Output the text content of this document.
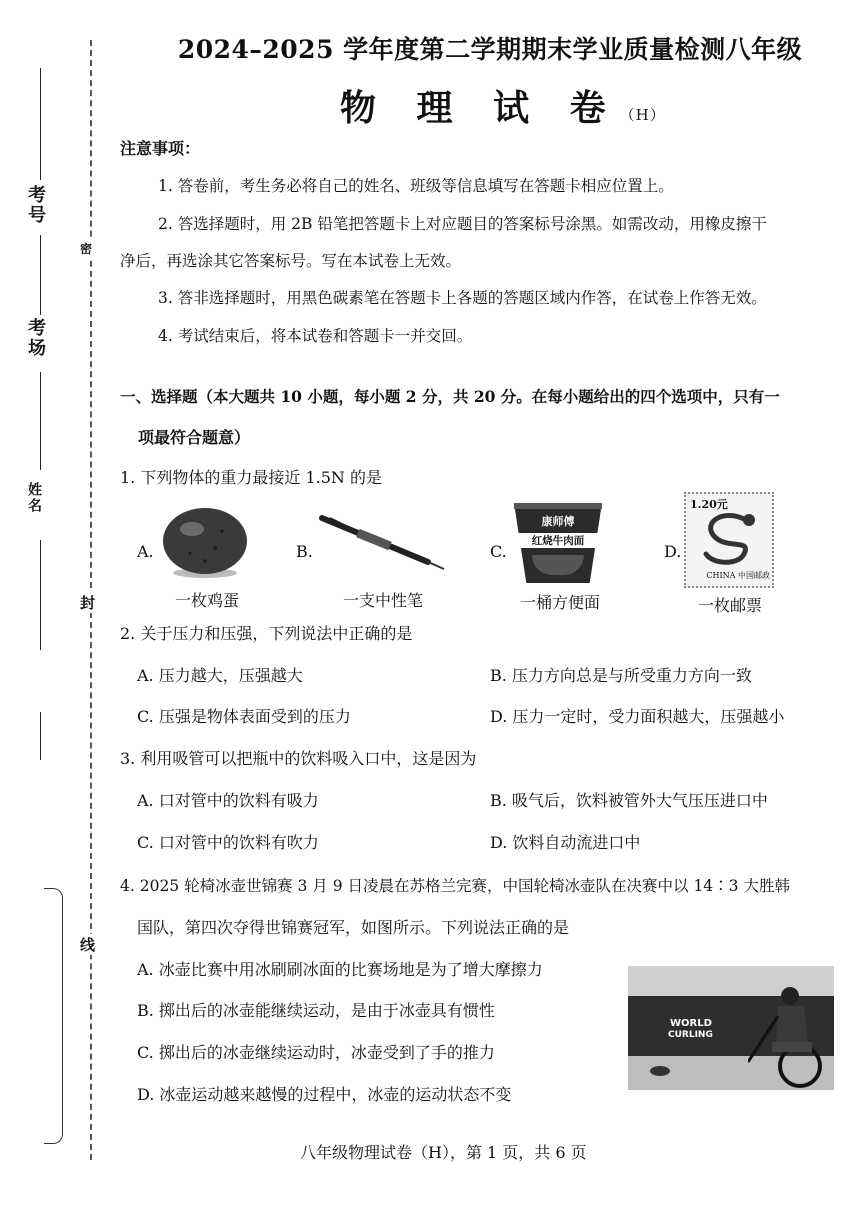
考号
考场
姓名
密
封
线
2024–2025 学年度第二学期期末学业质量检测八年级
物 理 试 卷（H）
注意事项：
1. 答卷前，考生务必将自己的姓名、班级等信息填写在答题卡相应位置上。
2. 答选择题时，用 2B 铅笔把答题卡上对应题目的答案标号涂黑。如需改动，用橡皮擦干
净后，再选涂其它答案标号。写在本试卷上无效。
3. 答非选择题时，用黑色碳素笔在答题卡上各题的答题区域内作答，在试卷上作答无效。
4. 考试结束后，将本试卷和答题卡一并交回。
一、选择题（本大题共 10 小题，每小题 2 分，共 20 分。在每小题给出的四个选项中，只有一
项最符合题意）
1. 下列物体的重力最接近 1.5N 的是
A.
一枚鸡蛋
B.
一支中性笔
C.
康师傅
红烧牛肉面
一桶方便面
D.
1.20元
CHINA 中国邮政
一枚邮票
2. 关于压力和压强，下列说法中正确的是
A. 压力越大，压强越大	B. 压力方向总是与所受重力方向一致
C. 压强是物体表面受到的压力	D. 压力一定时，受力面积越大，压强越小
3. 利用吸管可以把瓶中的饮料吸入口中，这是因为
A. 口对管中的饮料有吸力	B. 吸气后，饮料被管外大气压压进口中
C. 口对管中的饮料有吹力	D. 饮料自动流进口中
4. 2025 轮椅冰壶世锦赛 3 月 9 日凌晨在苏格兰完赛，中国轮椅冰壶队在决赛中以 14∶3 大胜韩
国队，第四次夺得世锦赛冠军，如图所示。下列说法正确的是
A. 冰壶比赛中用冰刷刷冰面的比赛场地是为了增大摩擦力
B. 掷出后的冰壶能继续运动，是由于冰壶具有惯性
C. 掷出后的冰壶继续运动时，冰壶受到了手的推力
D. 冰壶运动越来越慢的过程中，冰壶的运动状态不变
WORLD
CURLING
八年级物理试卷（H），第 1 页，共 6 页
